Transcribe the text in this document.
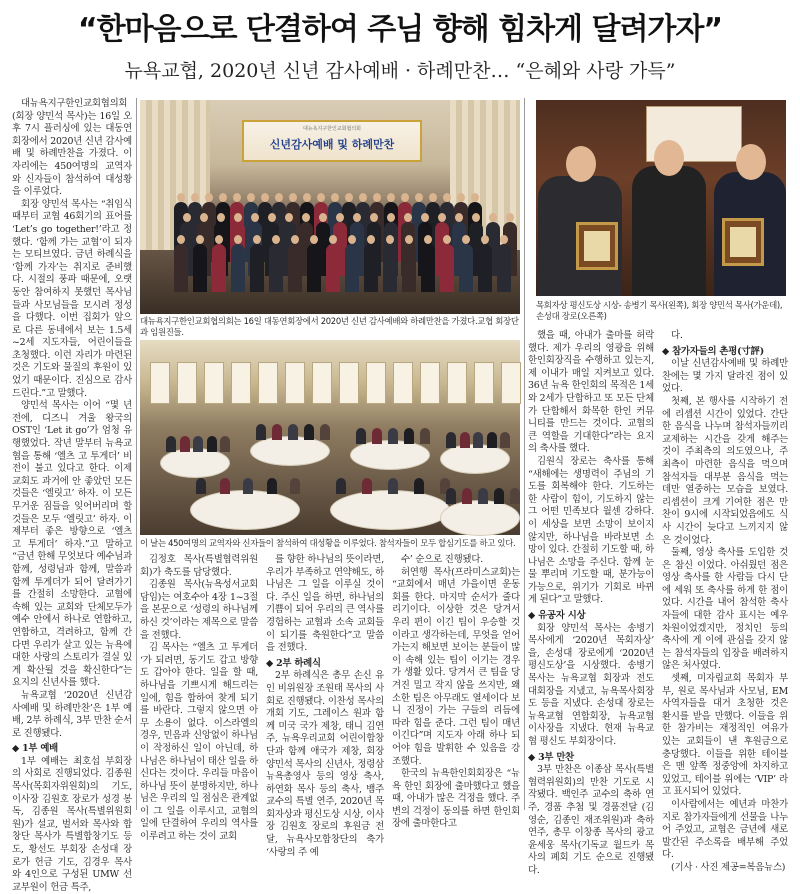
“한마음으로 단결하여 주님 향해 힘차게 달려가자”
뉴욕교협, 2020년 신년 감사예배 · 하례만찬… “은혜와 사랑 가득”

대뉴욕지구한인교회협의회(회장 양민석 목사)는 16일 오후 7시 플러싱에 있는 대동연회장에서 2020년 신년 감사예배 및 하례만찬을 가졌다. 이 자리에는 450여명의 교역자와 신자들이 참석하여 대성황을 이루었다.

회장 양민석 목사는 “취임식 때부터 교협 46회기의 표어를 ‘Let’s go together!’라고 정했다. ‘함께 가는 교협’이 되자는 모티브였다. 금년 하례식을 ‘함께 가자’는 취지로 준비했다. 시절의 풍파 때문에, 오랫동안 참여하지 못했던 목사님들과 사모님들을 모시려 정성을 다했다. 이번 집회가 앞으로 다른 동네에서 보는 1.5세~2세 지도자들, 어린이들을 초청했다. 이런 자리가 마련된 것은 기도와 물질의 후원이 있었기 때문이다. 진심으로 감사드린다.”고 말했다.

양민석 목사는 이어 “몇 년 전에, 디즈니 겨울 왕국의 OST인 ‘Let it go’가 엄청 유행했었다. 작년 말부터 뉴욕교협을 통해 ‘엘츠 고 투게더’ 비전이 불고 있다고 한다. 이제 교회도 과거에 안 좋았던 모든 것들은 ‘엘릿고’ 하자. 이 모든 무거운 짐들을 잊어버리며 할 것들은 모두 ‘엘릿고’ 하자. 이제부터 좋은 방향으로 ‘엘츠 고 투게더’ 하자.”고 말하고 “금년 한해 무엇보다 예수님과 함께, 성령님과 함께, 말씀과 함께 투게더가 되어 달려가기를 간절히 소망한다. 교협에 속해 있는 교회와 단체모두가 예수 안에서 하나로 연합하고, 연합하고, 격려하고, 함께 간다면 우리가 살고 있는 뉴욕에 대한 사랑의 스토리가 결실 있게 확산될 것을 확신한다”는 요지의 신년사를 했다.

뉴욕교협 ‘2020년 신년감사예배 및 하례만찬’은 1부 예배, 2부 하례식, 3부 만찬 순서로 진행됐다.

◆ 1부 예배

1부 예배는 최호섭 부회장의 사회로 진행되었다. 김종원 목사(목회자위원회)의 기도, 이사장 김원호 장로가 성경 봉독, 김종원 목사(특별위원회원)가 설교, 벌서와 목사와 합창단 목사가 특별합창기도 등도, 황선도 부회장 손성대 장로가 헌금 기도, 김경우 목사와 4인으로 구성된 UMW 선교부원이 헌금 특주,

대뉴욕지구한인교회협의회
신년감사예배 및 하례만찬
대뉴욕지구한인교회협의회는 16일 대동연회장에서 2020년 신년 감사예배와 하례만찬을 가졌다.교협 회장단과 임원진들.
목회자상 평신도상 시상- 송병기 목사(왼쪽), 회장 양민석 목사(가운데), 손성대 장로(오른쪽)
이 날는 450여명의 교역자와 신자들이 참석하여 대성황을 이루었다. 참석자들이 모두 합심기도를 하고 있다.

김정호 목사(특별협력위원회)가 축도를 담당했다.

김종원 목사(뉴욕성서교회 담임)는 여호수아 4장 1~3절을 본문으로 ‘성령의 하나님께 하신 것’이라는 제목으로 말씀을 전했다.

김 목사는 “엘츠 고 투게더 ‘가 되려면, 동기도 갑고 방향도 갑아야 한다. 일을 할 때, 하나님을 기쁘시게 해드리는 일에, 힘을 합하여 찾게 되기를 바란다. 그렇지 않으면 아무 소용이 없다. 이스라엘의 경우, 민음과 신앙없이 하나님이 작정하신 일이 아닌데, 하나님은 하나님이 태산 일을 하신다는 것이다. 우리들 마음이 하나님 뜻이 분명하지만, 하나님은 우리의 일 점심은 관계없이 그 일을 이루시고, 교협의 일에 단결하여 우리의 역사를 이루려고 하는 것이 교회

를 향한 하나님의 뜻이라면, 우리가 부족하고 연약해도, 하나님은 그 일을 이루실 것이다. 주신 일을 하면, 하나님의 기쁨이 되어 우리의 큰 역사를 경험하는 교협과 소속 교회들이 되기를 축원한다”고 말씀을 전했다.

◆ 2부 하례식

2부 하례식은 총무 손신 유인 비위원장 조원태 목사의 사회로 진행됐다. 이찬성 목사의 개회 기도, 그레이스 원과 함께 미국 국가 제창, 태니 김연주, 뉴욕우리교회 어린이합창단과 함께 애국가 제창, 회장 양민석 목사의 신년사, 정령삼 뉴욕총영사 등의 영상 축사, 하연화 목사 등의 축사, 뱀주 교수의 특별 연주, 2020년 목회자상과 평신도상 시상, 이사장 김원호 장로의 후원금 전달, 뉴욕사모합창단의 축가 ‘사랑의 주 예

수’ 순으로 진행됐다.

허연행 목사(프라미스교회)는 “교회에서 매년 가을이면 운동회를 한다. 마지막 순서가 줄다리기이다. 이상한 것은 당겨서 우리 편이 이긴 팀이 우승할 것이라고 생각하는데, 무엇을 얻어가는지 해보면 보이는 분들이 많이 속해 있는 팀이 이기는 경우가 생활 있다. 당겨서 큰 팀을 당겨진 밀고 작지 않을 쓰지만, 왜소한 팀은 아무래도 열세이다 보니 진정이 가는 구들의 리듬에 따라 힘을 준다. 그런 팀이 매년 이긴다”며 지도자 아래 하나 되어야 힘을 발휘한 수 있음을 강조했다.

한국의 뉴욕한인회회장은 “뉴욕 한인 회장에 출마했다고 했을 때, 아내가 많은 걱정을 했다. 주변의 걱정이 동의를 하면 한인회장에 출마한다고

했을 때, 아내가 출마를 허락했다. 제가 우리의 영광을 위해 한인회장직을 수행하고 있는지, 제 이내가 매일 지켜보고 있다. 36년 뉴욕 한인회의 목적은 1세와 2세가 단합하고 또 모든 단체가 단합해서 화목한 한인 커뮤니티를 만드는 것이다. 교협의 큰 역할을 기대한다”라는 요지의 축사를 했다.

김원식 장로는 축사를 통해 “새해에는 생명력이 주님의 기도를 회복해야 한다. 기도하는 한 사람이 힘이, 기도하지 않는 그 어떤 민족보다 월센 강하다. 이 세상을 보면 소망이 보이지 않지만, 하나님을 바라보면 소망이 있다. 간절히 기도할 때, 하나님은 소망을 주신다. 함께 눈물 뿌리며 기도할 때, 분가능이 가능으로, 위기가 기회로 바뀌게 된다”고 말했다.

◆ 유공자 시상

회장 양민석 목사는 송병기 목사에게 ‘2020년 목회자상’ 을, 손성대 장로에게 ‘2020년 평신도상’을 시상했다. 송병기 목사는 뉴욕교협 회장과 전도 대회장을 지냈고, 뉴욕목사회장도 등을 지냈다. 손성대 장로는 뉴욕교협 연합회장, 뉴욕교협 이사장을 지냈다. 현재 뉴욕교협 평신도 부회장이다.

◆ 3부 만찬

3부 만찬은 이종삼 목사(특별협력위원회)의 만찬 기도로 시작됐다. 백인주 교수의 축하 연주, 경품 추첨 및 경품전달 (김영순, 김종인 재조위원)과 축하 연주, 총무 이창종 목사의 광고 윤세웅 목사(기독교 월드카 목사의 폐회 기도 순으로 진행됐다.

다.

◆ 참가자들의 촌평(寸評)

이날 신년감사예배 및 하례만찬에는 몇 가지 달라진 점이 있었다.

첫째, 본 행사를 시작하기 전에 리셉션 시간이 있었다. 간단한 음식을 나누며 참석자들끼리 교제하는 시간을 갖게 해주는 것이 주최측의 의도였으나, 주최측이 마련한 음식을 먹으며 참석자들 대부분 음식을 먹는 데만 열중하는 모습을 보였다. 리셉션이 크게 기여한 점은 만찬이 9시에 시작되었음에도 식사 시간이 늦다고 느끼지지 않은 것이었다.

둘째, 영상 축사를 도입한 것은 참신 이었다. 아쉬웠던 점은 영상 축사를 한 사람들 다시 단에 세워 또 축사를 하게 한 점이었다. 시간을 내어 참석한 축사자들에 대한 감사 표시는 예우 차원이었겠지만, 정치인 등의 축사에 게 이에 관심을 갖지 않는 참석자들의 입장을 배려하지 않은 처사였다.

셋째, 미자립교회 목회자 부부, 원로 목사님과 사모님, EM 사역자들을 대거 초청한 것은 환시를 받을 만했다. 이들을 위한 참가비는 재정적인 여유가 있는 교회들이 낸 후원금으로 충당했다. 이들을 위한 테이블은 맨 앞쪽 정중앙에 차지하고 있었고, 테이블 위에는 ‘VIP’ 라고 표시되어 있었다.

이사람에서는 예년과 마찬가지로 참가자들에게 선물을 나누어 주었고, 교협은 금년에 새로 발간된 주소록을 배부해 주었다.

(기사 · 사진 제공=복음뉴스)
